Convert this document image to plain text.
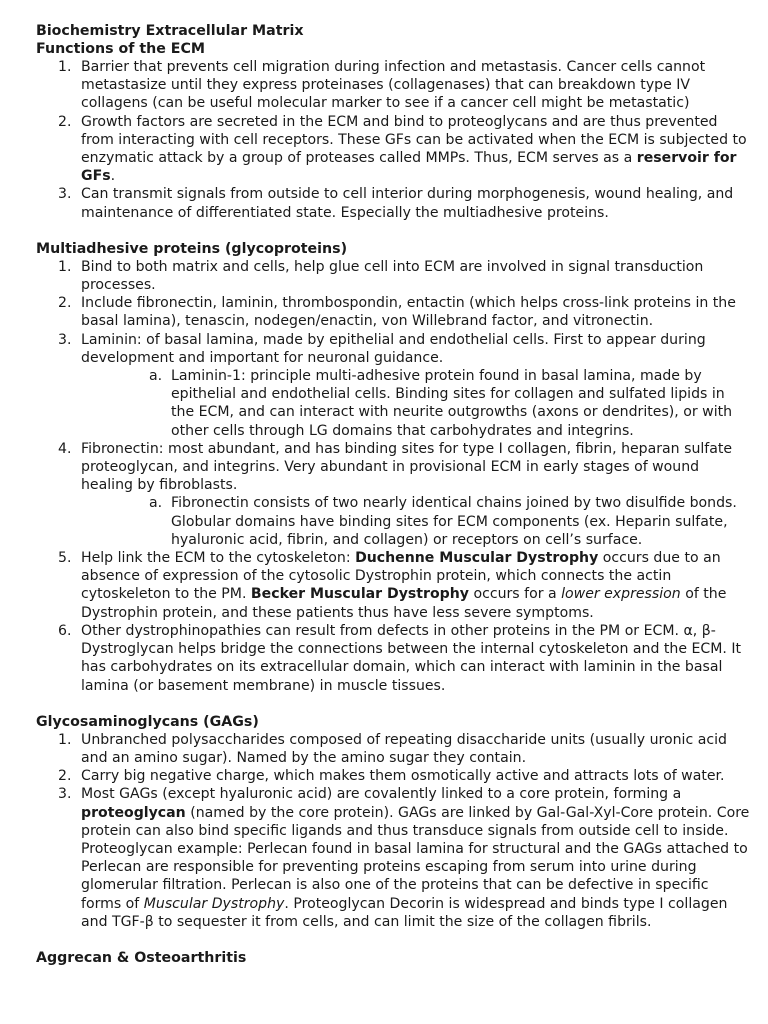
Biochemistry Extracellular Matrix
Functions of the ECM
1. Barrier that prevents cell migration during infection and metastasis. Cancer cells cannot metastasize until they express proteinases (collagenases) that can breakdown type IV collagens (can be useful molecular marker to see if a cancer cell might be metastatic)
2. Growth factors are secreted in the ECM and bind to proteoglycans and are thus prevented from interacting with cell receptors. These GFs can be activated when the ECM is subjected to enzymatic attack by a group of proteases called MMPs. Thus, ECM serves as a reservoir for GFs.
3. Can transmit signals from outside to cell interior during morphogenesis, wound healing, and maintenance of differentiated state. Especially the multiadhesive proteins.
Multiadhesive proteins (glycoproteins)
1. Bind to both matrix and cells, help glue cell into ECM are involved in signal transduction processes.
2. Include fibronectin, laminin, thrombospondin, entactin (which helps cross-link proteins in the basal lamina), tenascin, nodegen/enactin, von Willebrand factor, and vitronectin.
3. Laminin: of basal lamina, made by epithelial and endothelial cells. First to appear during development and important for neuronal guidance.
a. Laminin-1: principle multi-adhesive protein found in basal lamina, made by epithelial and endothelial cells. Binding sites for collagen and sulfated lipids in the ECM, and can interact with neurite outgrowths (axons or dendrites), or with other cells through LG domains that carbohydrates and integrins.
4. Fibronectin: most abundant, and has binding sites for type I collagen, fibrin, heparan sulfate proteoglycan, and integrins. Very abundant in provisional ECM in early stages of wound healing by fibroblasts.
a. Fibronectin consists of two nearly identical chains joined by two disulfide bonds. Globular domains have binding sites for ECM components (ex. Heparin sulfate, hyaluronic acid, fibrin, and collagen) or receptors on cell’s surface.
5. Help link the ECM to the cytoskeleton: Duchenne Muscular Dystrophy occurs due to an absence of expression of the cytosolic Dystrophin protein, which connects the actin cytoskeleton to the PM. Becker Muscular Dystrophy occurs for a lower expression of the Dystrophin protein, and these patients thus have less severe symptoms.
6. Other dystrophinopathies can result from defects in other proteins in the PM or ECM. α, β-Dystroglycan helps bridge the connections between the internal cytoskeleton and the ECM. It has carbohydrates on its extracellular domain, which can interact with laminin in the basal lamina (or basement membrane) in muscle tissues.
Glycosaminoglycans (GAGs)
1. Unbranched polysaccharides composed of repeating disaccharide units (usually uronic acid and an amino sugar). Named by the amino sugar they contain.
2. Carry big negative charge, which makes them osmotically active and attracts lots of water.
3. Most GAGs (except hyaluronic acid) are covalently linked to a core protein, forming a proteoglycan (named by the core protein). GAGs are linked by Gal-Gal-Xyl-Core protein. Core protein can also bind specific ligands and thus transduce signals from outside cell to inside. Proteoglycan example: Perlecan found in basal lamina for structural and the GAGs attached to Perlecan are responsible for preventing proteins escaping from serum into urine during glomerular filtration. Perlecan is also one of the proteins that can be defective in specific forms of Muscular Dystrophy. Proteoglycan Decorin is widespread and binds type I collagen and TGF-β to sequester it from cells, and can limit the size of the collagen fibrils.
Aggrecan & Osteoarthritis
